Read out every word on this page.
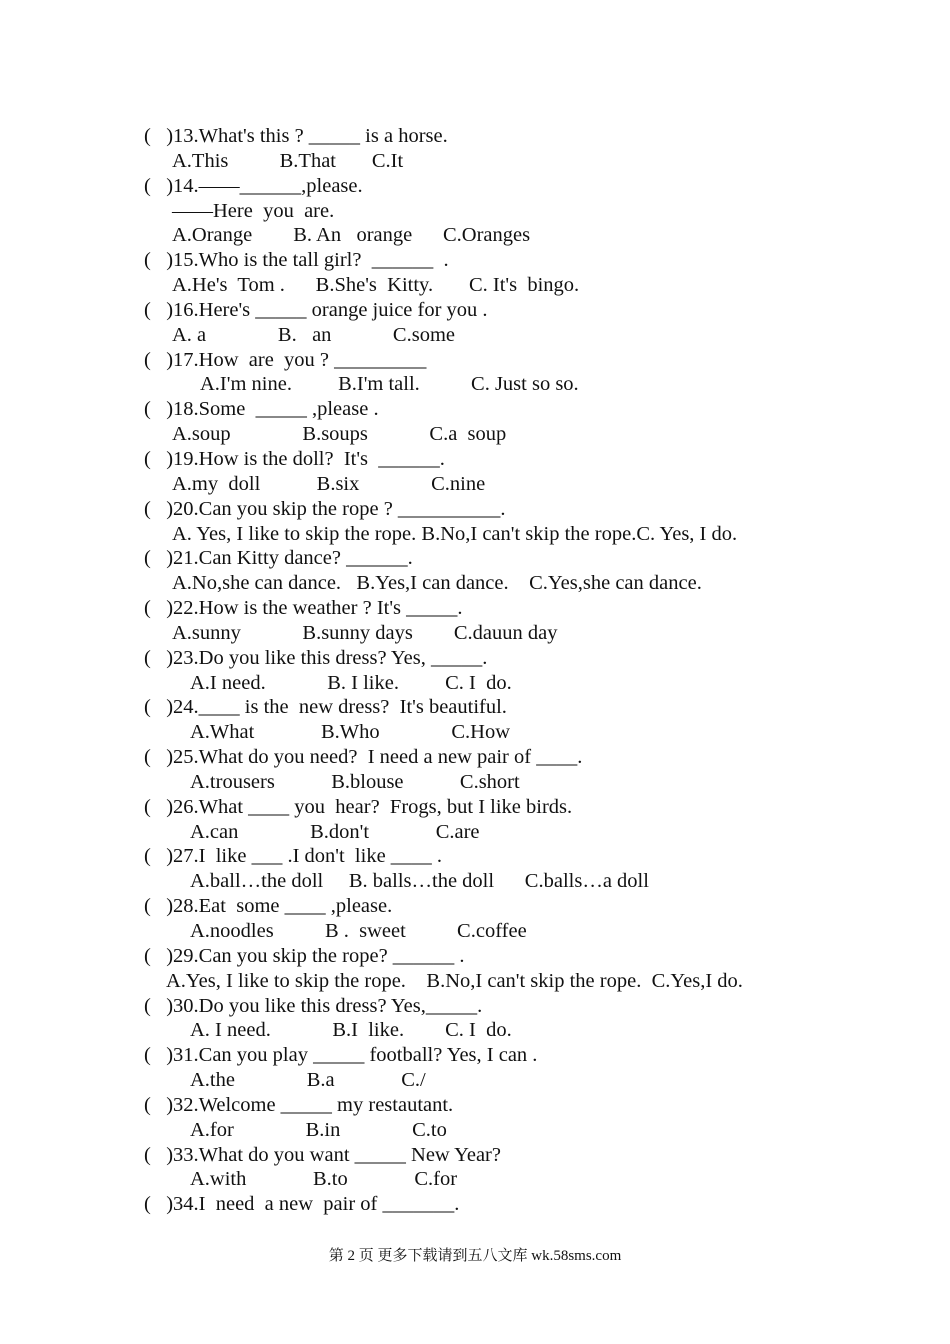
(   )13.What's this ? _____ is a horse.
A.This          B.That       C.It
(   )14.——______,please.
——Here  you  are.
A.Orange        B. An   orange      C.Oranges
(   )15.Who is the tall girl?  ______  .
A.He's  Tom .      B.She's  Kitty.       C. It's  bingo.
(   )16.Here's _____ orange juice for you .
A. a              B.   an            C.some
(   )17.How  are  you ? _________
A.I'm nine.         B.I'm tall.          C. Just so so.
(   )18.Some  _____ ,please .
A.soup              B.soups            C.a  soup
(   )19.How is the doll?  It's  ______.
A.my  doll           B.six              C.nine
(   )20.Can you skip the rope ? __________.
A. Yes, I like to skip the rope. B.No,I can't skip the rope.C. Yes, I do.
(   )21.Can Kitty dance? ______.
A.No,she can dance.   B.Yes,I can dance.    C.Yes,she can dance.
(   )22.How is the weather ? It's _____.
A.sunny            B.sunny days        C.dauun day
(   )23.Do you like this dress? Yes, _____.
A.I need.            B. I like.         C. I  do.
(   )24.____ is the  new dress?  It's beautiful.
A.What             B.Who              C.How
(   )25.What do you need?  I need a new pair of ____.
A.trousers           B.blouse           C.short
(   )26.What ____ you  hear?  Frogs, but I like birds.
A.can              B.don't             C.are
(   )27.I  like ___ .I don't  like ____ .
A.ball…the doll     B. balls…the doll      C.balls…a doll
(   )28.Eat  some ____ ,please.
A.noodles          B .  sweet          C.coffee
(   )29.Can you skip the rope? ______ .
A.Yes, I like to skip the rope.    B.No,I can't skip the rope.  C.Yes,I do.
(   )30.Do you like this dress? Yes,_____.
A. I need.            B.I  like.        C. I  do.
(   )31.Can you play _____ football? Yes, I can .
A.the              B.a             C./
(   )32.Welcome _____ my restautant.
A.for              B.in              C.to
(   )33.What do you want _____ New Year?
A.with             B.to             C.for
(   )34.I  need  a new  pair of _______.
第 2 页 更多下载请到五八文库 wk.58sms.com
